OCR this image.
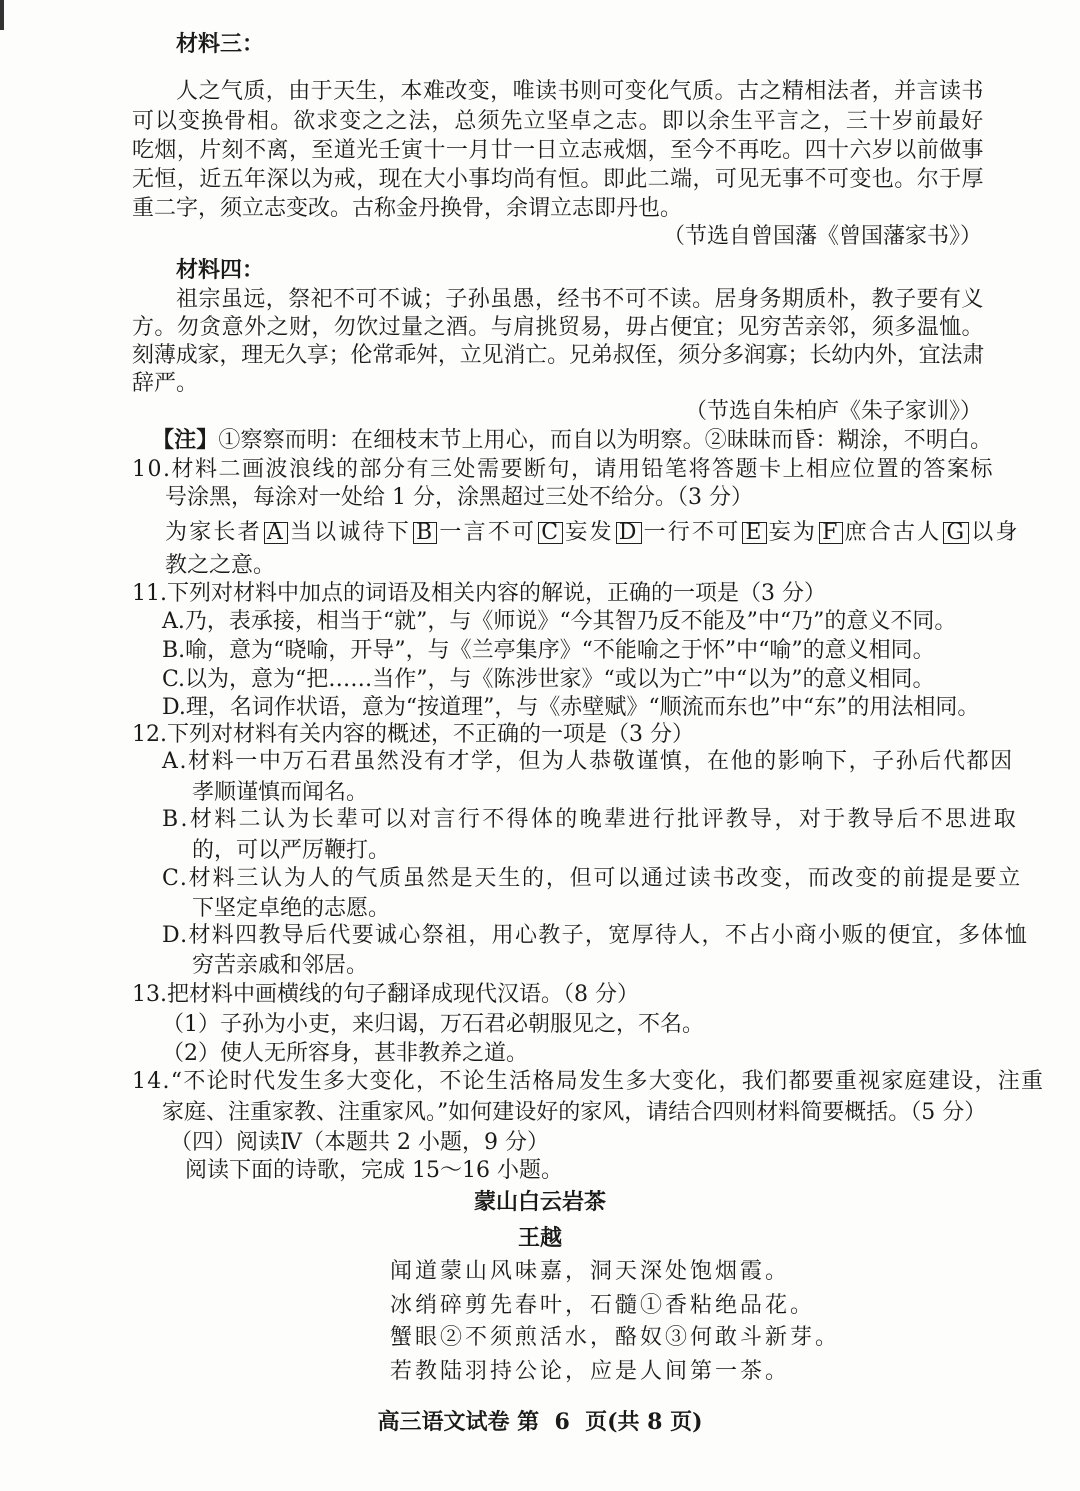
材料三：
人之气质，由于天生，本难改变，唯读书则可变化气质。古之精相法者，并言读书
可以变换骨相。欲求变之之法，总须先立坚卓之志。即以余生平言之，三十岁前最好
吃烟，片刻不离，至道光壬寅十一月廿一日立志戒烟，至今不再吃。四十六岁以前做事
无恒，近五年深以为戒，现在大小事均尚有恒。即此二端，可见无事不可变也。尔于厚
重二字，须立志变改。古称金丹换骨，余谓立志即丹也。
（节选自曾国藩《曾国藩家书》）
材料四：
祖宗虽远，祭祀不可不诚；子孙虽愚，经书不可不读。居身务期质朴，教子要有义
方。勿贪意外之财，勿饮过量之酒。与肩挑贸易，毋占便宜；见穷苦亲邻，须多温恤。
刻薄成家，理无久享；伦常乖舛，立见消亡。兄弟叔侄，须分多润寡；长幼内外，宜法肃
辞严。
（节选自朱柏庐《朱子家训》）
【注】①察察而明：在细枝末节上用心，而自以为明察。②昧昧而昏：糊涂，不明白。
10.材料二画波浪线的部分有三处需要断句，请用铅笔将答题卡上相应位置的答案标
号涂黑，每涂对一处给 1 分，涂黑超过三处不给分。（3 分）
为家长者 A 当以诚待下 B 一言不可 C 妄发 D 一行不可 E 妄为 F 庶合古人 G 以身
教之之意。
11.下列对材料中加点的词语及相关内容的解说，正确的一项是（3 分）
A.乃，表承接，相当于“就”，与《师说》“今其智乃反不能及”中“乃”的意义不同。
B.喻，意为“晓喻，开导”，与《兰亭集序》“不能喻之于怀”中“喻”的意义相同。
C.以为，意为“把……当作”，与《陈涉世家》“或以为亡”中“以为”的意义相同。
D.理，名词作状语，意为“按道理”，与《赤壁赋》“顺流而东也”中“东”的用法相同。
12.下列对材料有关内容的概述，不正确的一项是（3 分）
A.材料一中万石君虽然没有才学，但为人恭敬谨慎，在他的影响下，子孙后代都因
孝顺谨慎而闻名。
B.材料二认为长辈可以对言行不得体的晚辈进行批评教导，对于教导后不思进取
的，可以严厉鞭打。
C.材料三认为人的气质虽然是天生的，但可以通过读书改变，而改变的前提是要立
下坚定卓绝的志愿。
D.材料四教导后代要诚心祭祖，用心教子，宽厚待人，不占小商小贩的便宜，多体恤
穷苦亲戚和邻居。
13.把材料中画横线的句子翻译成现代汉语。（8 分）
（1）子孙为小吏，来归谒，万石君必朝服见之，不名。
（2）使人无所容身，甚非教养之道。
14.“不论时代发生多大变化，不论生活格局发生多大变化，我们都要重视家庭建设，注重
家庭、注重家教、注重家风。”如何建设好的家风，请结合四则材料简要概括。（5 分）
（四）阅读Ⅳ（本题共 2 小题，9 分）
阅读下面的诗歌，完成 15～16 小题。
蒙山白云岩茶
王越
闻道蒙山风味嘉，洞天深处饱烟霞。
冰绡碎剪先春叶，石髓①香粘绝品花。
蟹眼②不须煎活水，酪奴③何敢斗新芽。
若教陆羽持公论，应是人间第一茶。
高三语文试卷 第  6  页(共 8 页)
